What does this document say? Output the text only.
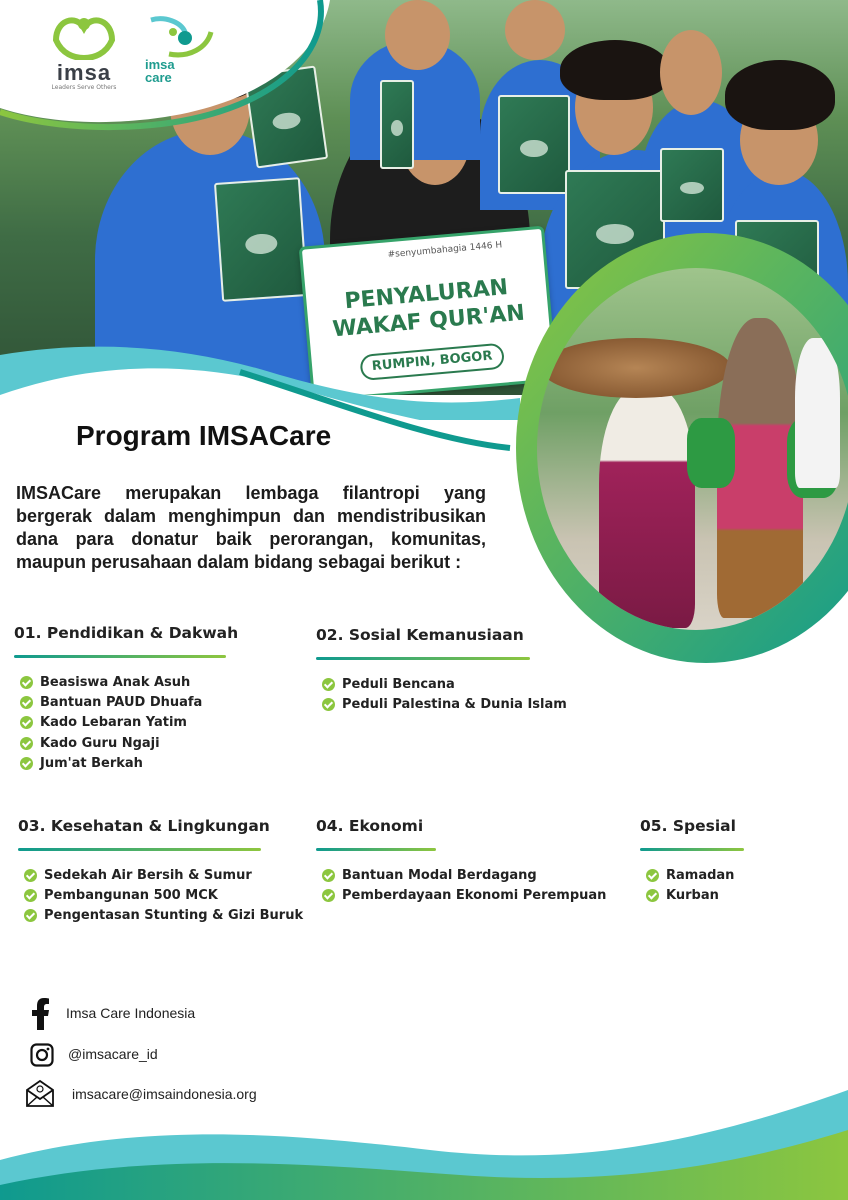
#senyumbahagia 1446 H
PENYALURAN WAKAF QUR'AN
RUMPIN, BOGOR
imsa
Leaders Serve Others
imsa
care
Program IMSACare
IMSACare merupakan lembaga filantropi yang bergerak dalam menghimpun dan mendistribusikan dana para donatur baik perorangan, komunitas, maupun perusahaan dalam bidang sebagai berikut :
01. Pendidikan & Dakwah
Beasiswa Anak Asuh
Bantuan PAUD Dhuafa
Kado Lebaran Yatim
Kado Guru Ngaji
Jum'at Berkah
02. Sosial Kemanusiaan
Peduli Bencana
Peduli Palestina & Dunia Islam
03. Kesehatan & Lingkungan
Sedekah Air Bersih & Sumur
Pembangunan 500 MCK
Pengentasan Stunting & Gizi Buruk
04. Ekonomi
Bantuan Modal Berdagang
Pemberdayaan Ekonomi Perempuan
05. Spesial
Ramadan
Kurban
Imsa Care Indonesia
@imsacare_id
imsacare@imsaindonesia.org
